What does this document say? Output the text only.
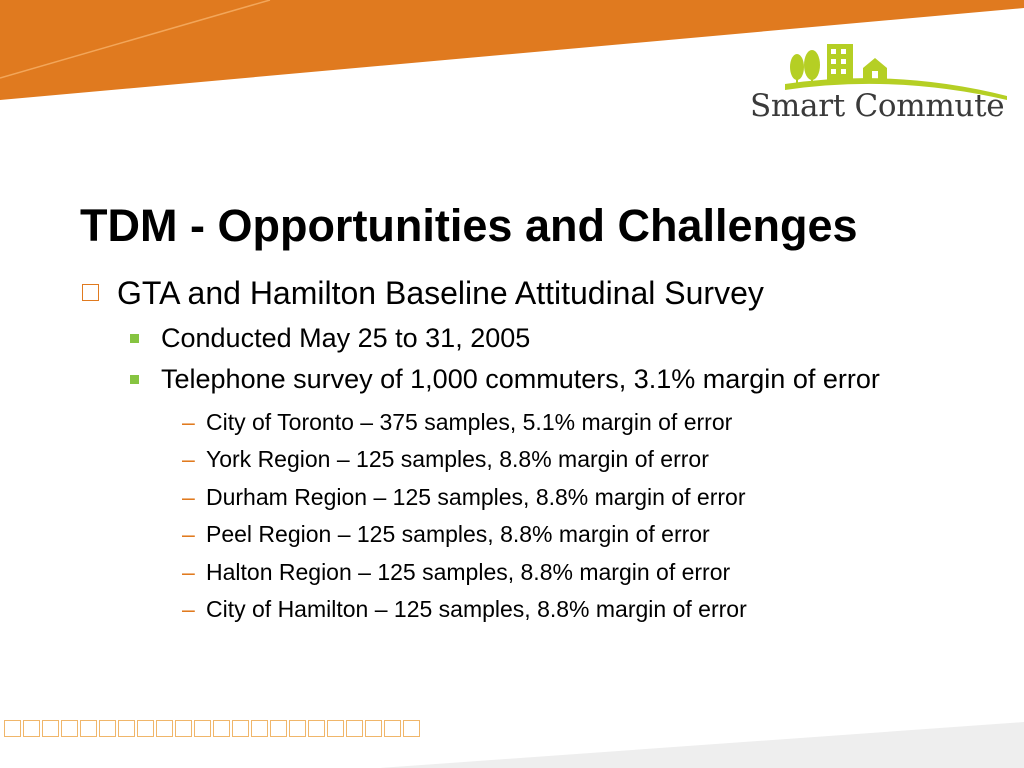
Smart Commute
TDM - Opportunities and Challenges
GTA and Hamilton Baseline Attitudinal Survey
Conducted May 25 to 31, 2005
Telephone survey of 1,000 commuters, 3.1% margin of error
– City of Toronto – 375 samples, 5.1% margin of error
– York Region – 125 samples, 8.8% margin of error
– Durham Region – 125 samples, 8.8% margin of error
– Peel Region – 125 samples, 8.8% margin of error
– Halton Region – 125 samples, 8.8% margin of error
– City of Hamilton – 125 samples, 8.8% margin of error
